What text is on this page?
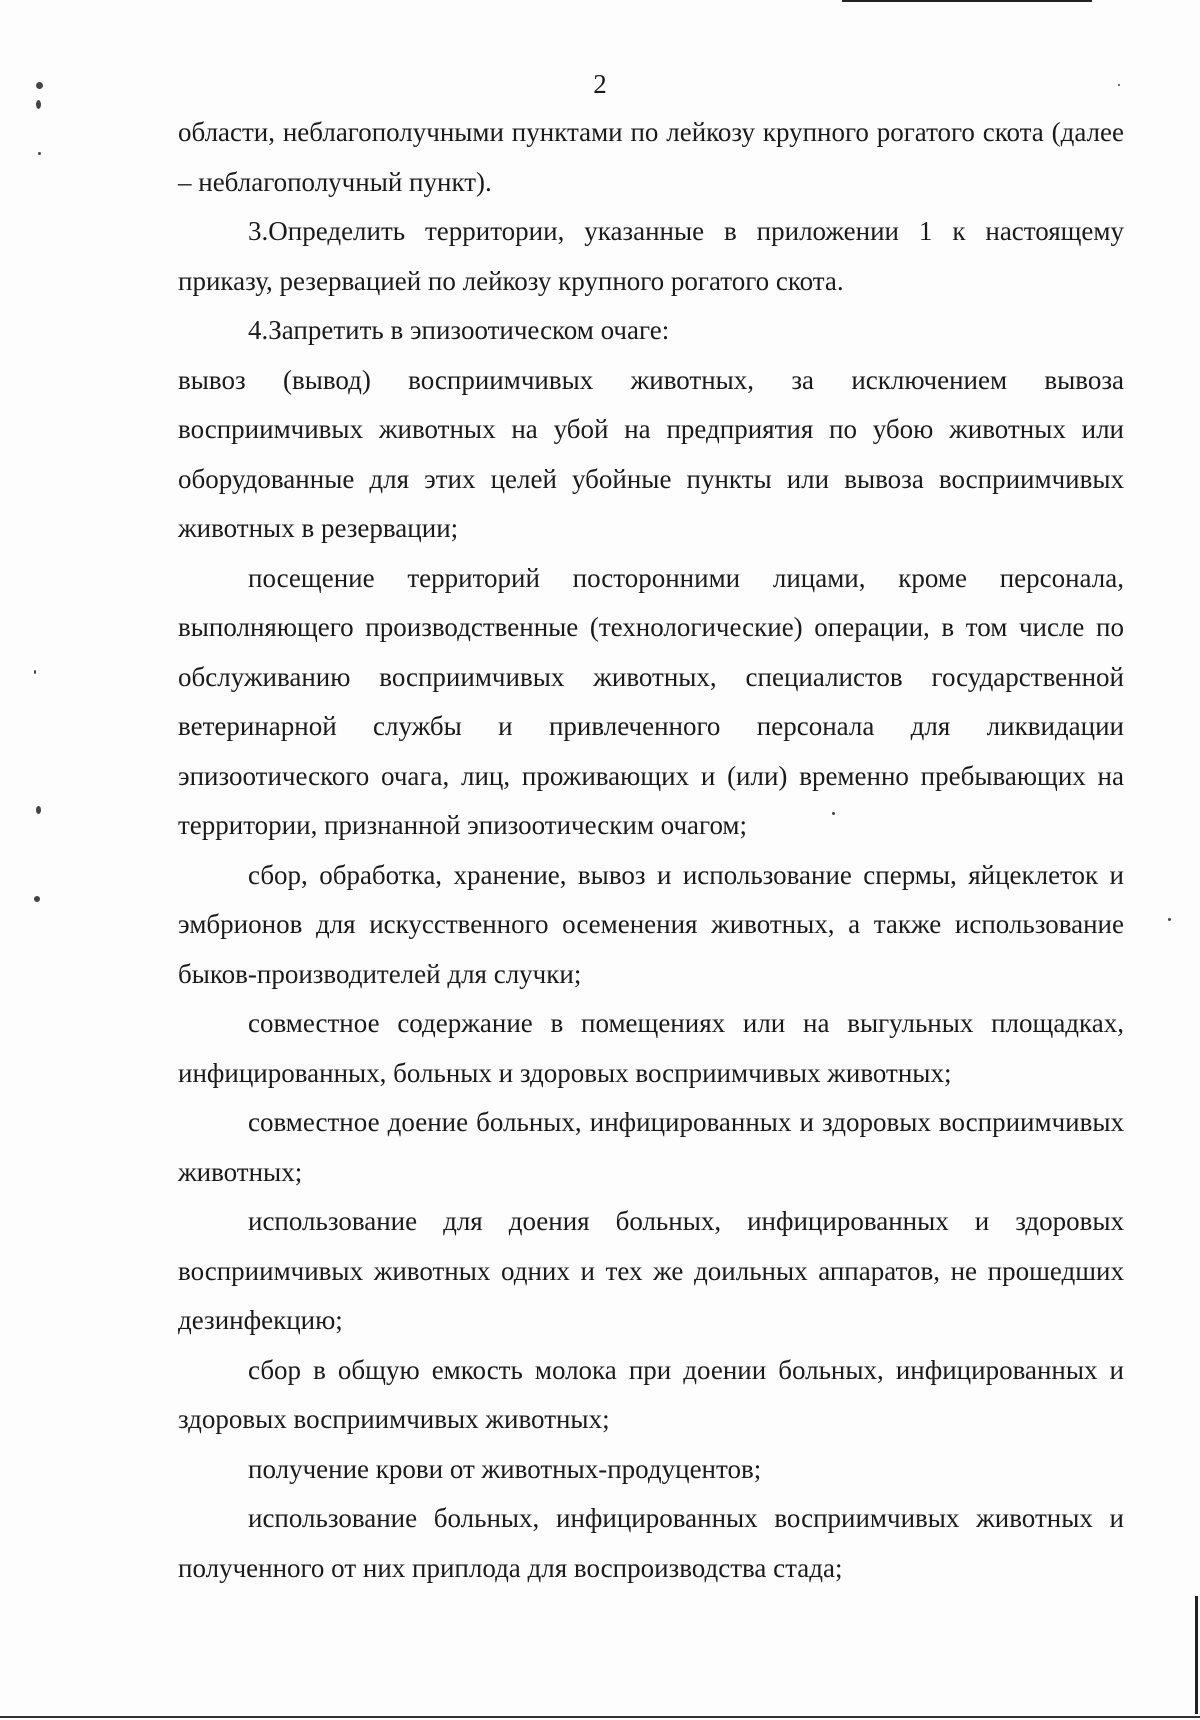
2

области, неблагополучными пунктами по лейкозу крупного рогатого скота (далее – неблагополучный пункт).

3.Определить территории, указанные в приложении 1 к настоящему приказу, резервацией по лейкозу крупного рогатого скота.

4.Запретить в эпизоотическом очаге:

вывоз (вывод) восприимчивых животных, за исключением вывоза восприимчивых животных на убой на предприятия по убою животных или оборудованные для этих целей убойные пункты или вывоза восприимчивых животных в резервации;

посещение территорий посторонними лицами, кроме персонала, выполняющего производственные (технологические) операции, в том числе по обслуживанию восприимчивых животных, специалистов государственной ветеринарной службы и привлеченного персонала для ликвидации эпизоотического очага, лиц, проживающих и (или) временно пребывающих на территории, признанной эпизоотическим очагом;

сбор, обработка, хранение, вывоз и использование спермы, яйцеклеток и эмбрионов для искусственного осеменения животных, а также использование быков-производителей для случки;

совместное содержание в помещениях или на выгульных площадках, инфицированных, больных и здоровых восприимчивых животных;

совместное доение больных, инфицированных и здоровых восприимчивых животных;

использование для доения больных, инфицированных и здоровых восприимчивых животных одних и тех же доильных аппаратов, не прошедших дезинфекцию;

сбор в общую емкость молока при доении больных, инфицированных и здоровых восприимчивых животных;

получение крови от животных-продуцентов;

использование больных, инфицированных восприимчивых животных и полученного от них приплода для воспроизводства стада;
